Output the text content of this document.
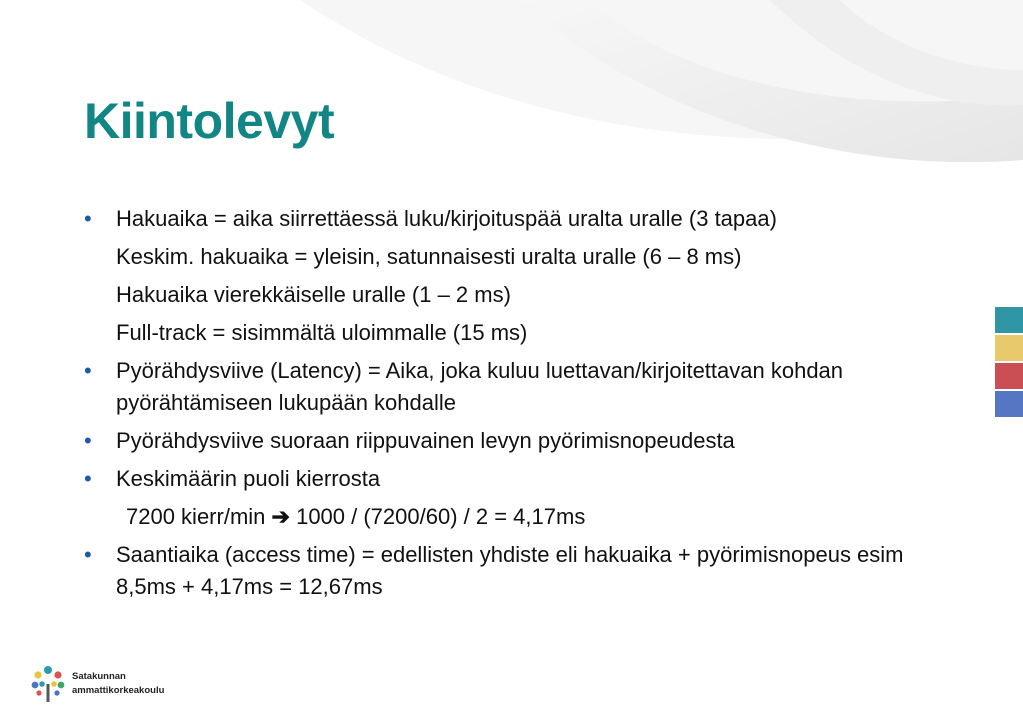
Kiintolevyt
• Hakuaika = aika siirrettäessä luku/kirjoituspää uralta uralle (3 tapaa)
Keskim. hakuaika = yleisin, satunnaisesti uralta uralle (6 – 8 ms)
Hakuaika vierekkäiselle uralle (1 – 2 ms)
Full-track = sisimmältä uloimmalle (15 ms)
• Pyörähdysviive (Latency) = Aika, joka kuluu luettavan/kirjoitettavan kohdan pyörähtämiseen lukupään kohdalle
• Pyörähdysviive suoraan riippuvainen levyn pyörimisnopeudesta
• Keskimäärin puoli kierrosta
7200 kierr/min ➔ 1000 / (7200/60) / 2 = 4,17ms
• Saantiaika (access time) = edellisten yhdiste eli hakuaika + pyörimisnopeus esim 8,5ms + 4,17ms = 12,67ms
Satakunnan
ammattikorkeakoulu
